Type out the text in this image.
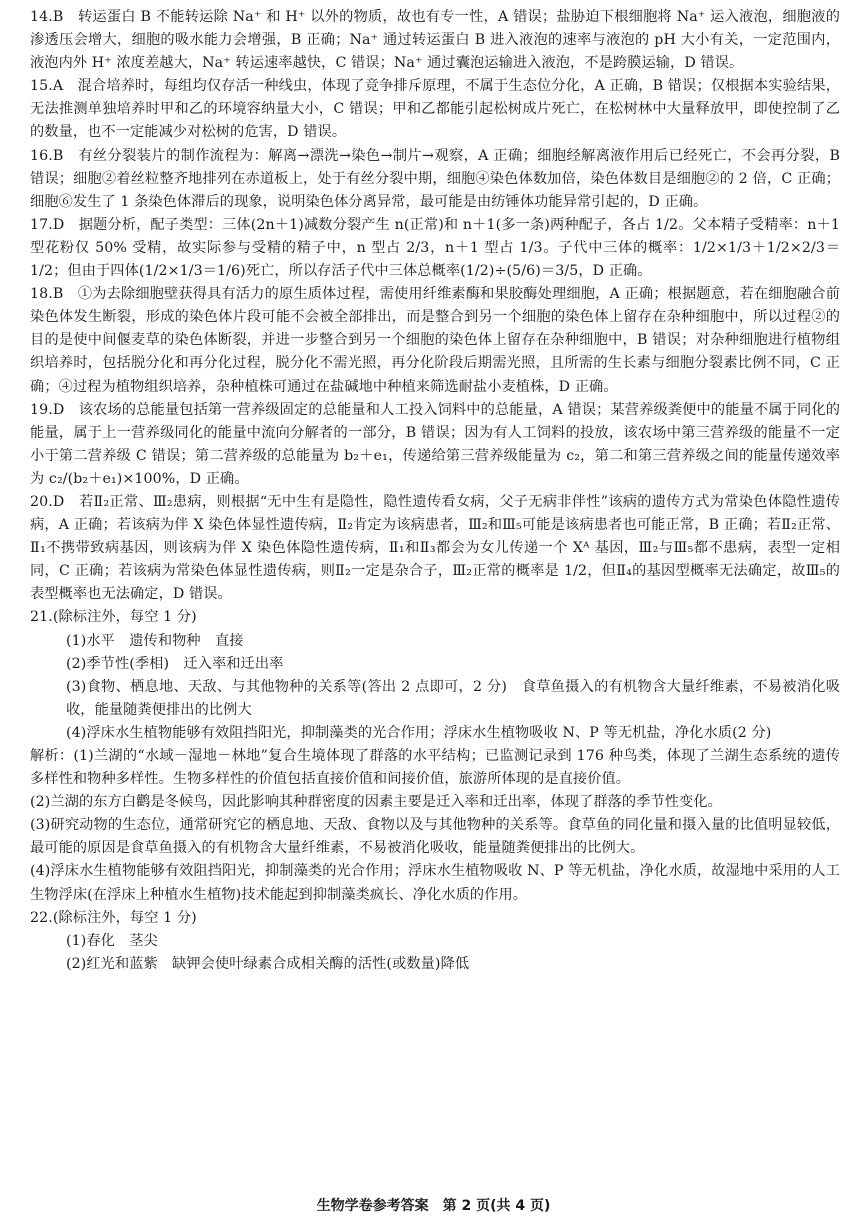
14.B　转运蛋白 B 不能转运除 Na⁺ 和 H⁺ 以外的物质，故也有专一性，A 错误；盐胁迫下根细胞将 Na⁺ 运入液泡，细胞液的渗透压会增大，细胞的吸水能力会增强，B 正确；Na⁺ 通过转运蛋白 B 进入液泡的速率与液泡的 pH 大小有关，一定范围内，液泡内外 H⁺ 浓度差越大，Na⁺ 转运速率越快，C 错误；Na⁺ 通过囊泡运输进入液泡，不是跨膜运输，D 错误。

15.A　混合培养时，每组均仅存活一种线虫，体现了竞争排斥原理，不属于生态位分化，A 正确，B 错误；仅根据本实验结果，无法推测单独培养时甲和乙的环境容纳量大小，C 错误；甲和乙都能引起松树成片死亡，在松树林中大量释放甲，即使控制了乙的数量，也不一定能减少对松树的危害，D 错误。

16.B　有丝分裂装片的制作流程为：解离→漂洗→染色→制片→观察，A 正确；细胞经解离液作用后已经死亡，不会再分裂，B 错误；细胞②着丝粒整齐地排列在赤道板上，处于有丝分裂中期，细胞④染色体数加倍，染色体数目是细胞②的 2 倍，C 正确；细胞⑥发生了 1 条染色体滞后的现象，说明染色体分离异常，最可能是由纺锤体功能异常引起的，D 正确。

17.D　据题分析，配子类型：三体(2n＋1)减数分裂产生 n(正常)和 n＋1(多一条)两种配子，各占 1/2。父本精子受精率：n＋1 型花粉仅 50% 受精，故实际参与受精的精子中，n 型占 2/3，n＋1 型占 1/3。子代中三体的概率：1/2×1/3＋1/2×2/3＝1/2；但由于四体(1/2×1/3＝1/6)死亡，所以存活子代中三体总概率(1/2)÷(5/6)＝3/5，D 正确。

18.B　①为去除细胞壁获得具有活力的原生质体过程，需使用纤维素酶和果胶酶处理细胞，A 正确；根据题意，若在细胞融合前染色体发生断裂，形成的染色体片段可能不会被全部排出，而是整合到另一个细胞的染色体上留存在杂种细胞中，所以过程②的目的是使中间偃麦草的染色体断裂，并进一步整合到另一个细胞的染色体上留存在杂种细胞中，B 错误；对杂种细胞进行植物组织培养时，包括脱分化和再分化过程，脱分化不需光照，再分化阶段后期需光照，且所需的生长素与细胞分裂素比例不同，C 正确；④过程为植物组织培养，杂种植株可通过在盐碱地中种植来筛选耐盐小麦植株，D 正确。

19.D　该农场的总能量包括第一营养级固定的总能量和人工投入饲料中的总能量，A 错误；某营养级粪便中的能量不属于同化的能量，属于上一营养级同化的能量中流向分解者的一部分，B 错误；因为有人工饲料的投放，该农场中第三营养级的能量不一定小于第二营养级 C 错误；第二营养级的总能量为 b₂＋e₁，传递给第三营养级能量为 c₂，第二和第三营养级之间的能量传递效率为 c₂/(b₂＋e₁)×100%，D 正确。

20.D　若Ⅱ₂正常、Ⅲ₂患病，则根据“无中生有是隐性，隐性遗传看女病，父子无病非伴性”该病的遗传方式为常染色体隐性遗传病，A 正确；若该病为伴 X 染色体显性遗传病，Ⅱ₂肯定为该病患者，Ⅲ₂和Ⅲ₅可能是该病患者也可能正常，B 正确；若Ⅱ₂正常、Ⅱ₁不携带致病基因，则该病为伴 X 染色体隐性遗传病，Ⅱ₁和Ⅱ₃都会为女儿传递一个 Xᴬ 基因，Ⅲ₂与Ⅲ₅都不患病，表型一定相同，C 正确；若该病为常染色体显性遗传病，则Ⅱ₂一定是杂合子，Ⅲ₂正常的概率是 1/2，但Ⅱ₄的基因型概率无法确定，故Ⅲ₅的表型概率也无法确定，D 错误。

21.(除标注外，每空 1 分)

(1)水平　遗传和物种　直接

(2)季节性(季相)　迁入率和迁出率

(3)食物、栖息地、天敌、与其他物种的关系等(答出 2 点即可，2 分)　食草鱼摄入的有机物含大量纤维素，不易被消化吸收，能量随粪便排出的比例大

(4)浮床水生植物能够有效阻挡阳光，抑制藻类的光合作用；浮床水生植物吸收 N、P 等无机盐，净化水质(2 分)

解析：(1)兰湖的“水域－湿地－林地”复合生境体现了群落的水平结构；已监测记录到 176 种鸟类，体现了兰湖生态系统的遗传多样性和物种多样性。生物多样性的价值包括直接价值和间接价值，旅游所体现的是直接价值。

(2)兰湖的东方白鹳是冬候鸟，因此影响其种群密度的因素主要是迁入率和迁出率，体现了群落的季节性变化。

(3)研究动物的生态位，通常研究它的栖息地、天敌、食物以及与其他物种的关系等。食草鱼的同化量和摄入量的比值明显较低，最可能的原因是食草鱼摄入的有机物含大量纤维素，不易被消化吸收，能量随粪便排出的比例大。

(4)浮床水生植物能够有效阻挡阳光，抑制藻类的光合作用；浮床水生植物吸收 N、P 等无机盐，净化水质，故湿地中采用的人工生物浮床(在浮床上种植水生植物)技术能起到抑制藻类疯长、净化水质的作用。

22.(除标注外，每空 1 分)

(1)春化　茎尖

(2)红光和蓝紫　缺钾会使叶绿素合成相关酶的活性(或数量)降低

生物学卷参考答案　第 2 页(共 4 页)
